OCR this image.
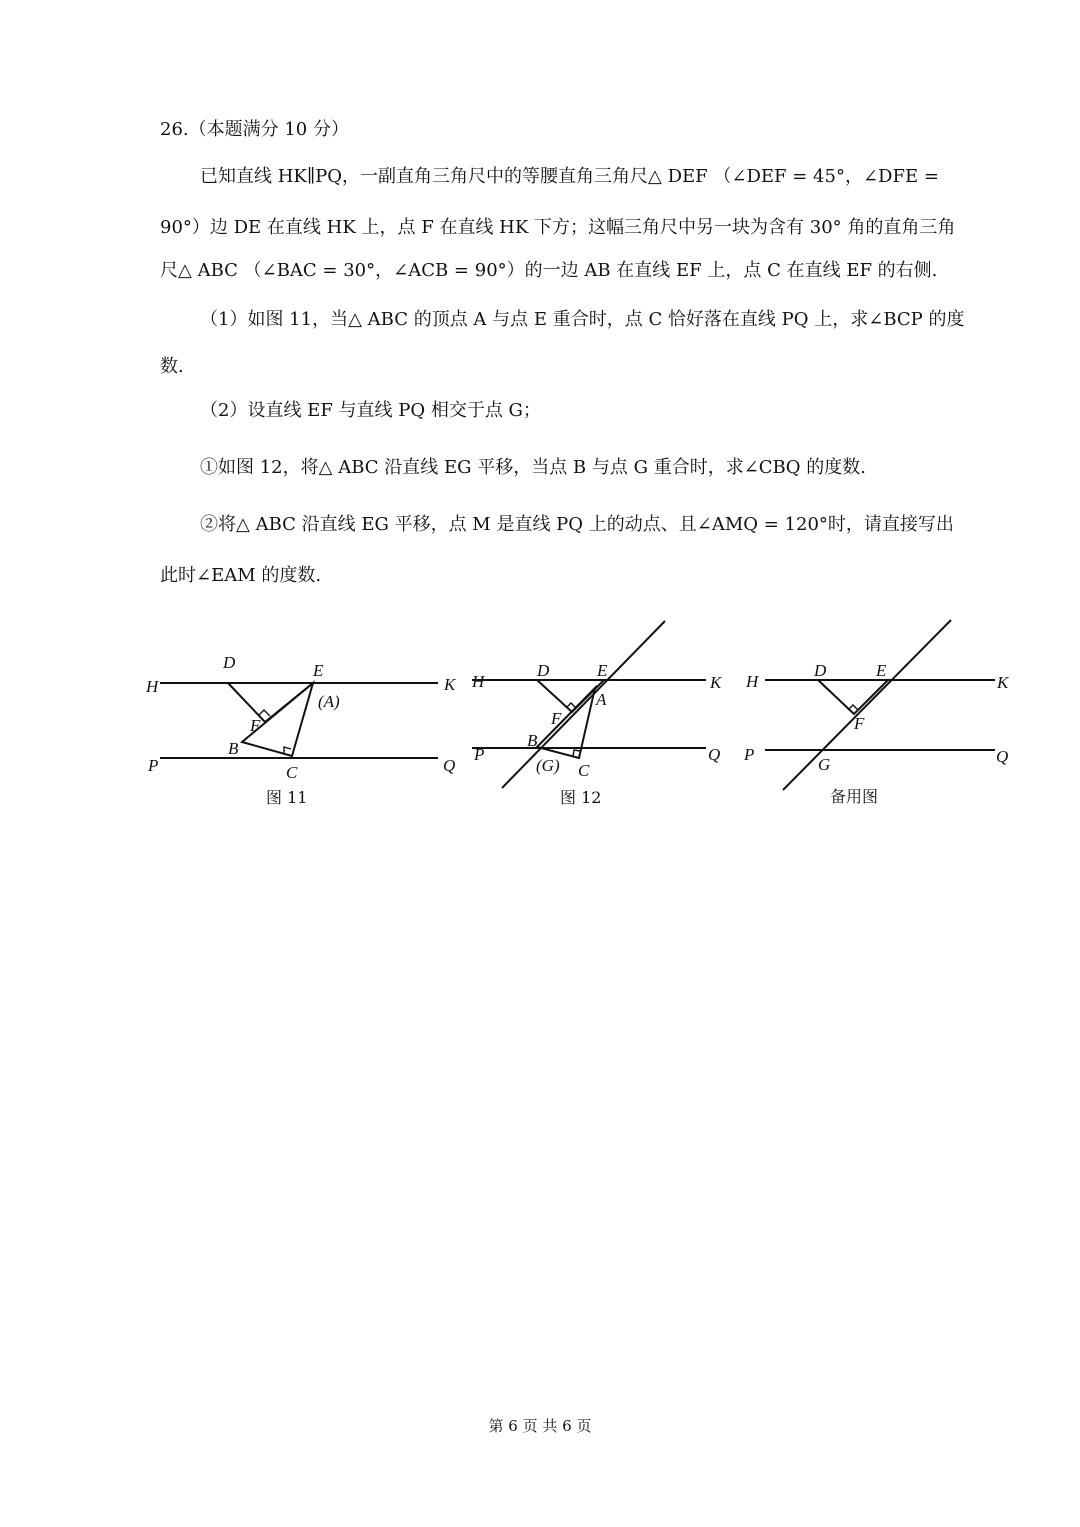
26.（本题满分 10 分）
已知直线 HK∥PQ，一副直角三角尺中的等腰直角三角尺△ DEF （∠DEF = 45°，∠DFE =
90°）边 DE 在直线 HK 上，点 F 在直线 HK 下方；这幅三角尺中另一块为含有 30° 角的直角三角
尺△ ABC （∠BAC = 30°，∠ACB = 90°）的一边 AB 在直线 EF 上，点 C 在直线 EF 的右侧.
（1）如图 11，当△ ABC 的顶点 A 与点 E 重合时，点 C 恰好落在直线 PQ 上，求∠BCP 的度
数.
（2）设直线 EF 与直线 PQ 相交于点 G；
①如图 12，将△ ABC 沿直线 EG 平移，当点 B 与点 G 重合时，求∠CBQ 的度数.
②将△ ABC 沿直线 EG 平移，点 M 是直线 PQ 上的动点、且∠AMQ = 120°时，请直接写出
此时∠EAM 的度数.
H
D	E
K
(A)
F
B
P	C	Q
图 11
H
D	E
K
A
F
B
(G)
P
C
Q
图 12
H
D	E
K
F
P
G	Q
备用图
第 6 页 共 6 页
